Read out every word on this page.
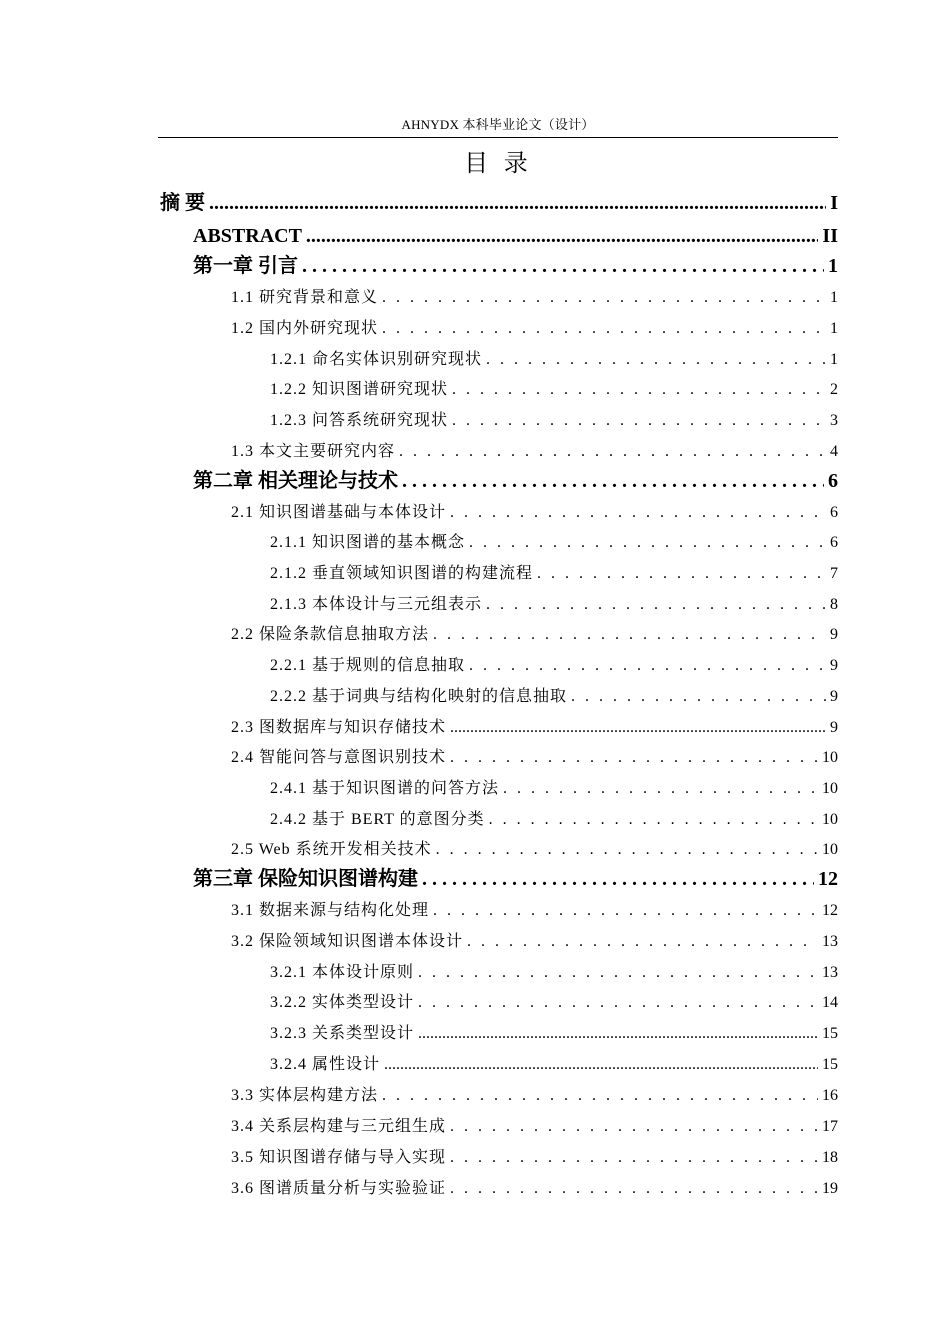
AHNYDX 本科毕业论文（设计）
目 录
摘 要 .....	I
ABSTRACT .....	II
第一章 引言 . . .	1
1.1 研究背景和意义 . . .	1
1.2 国内外研究现状 . . .	1
1.2.1 命名实体识别研究现状 . . .	1
1.2.2 知识图谱研究现状 . . .	2
1.2.3 问答系统研究现状 . . .	3
1.3 本文主要研究内容 . . .	4
第二章 相关理论与技术 . . .	6
2.1 知识图谱基础与本体设计 . . .	6
2.1.1 知识图谱的基本概念 . . .	6
2.1.2 垂直领域知识图谱的构建流程 . . .	7
2.1.3 本体设计与三元组表示 . . .	8
2.2 保险条款信息抽取方法 . . .	9
2.2.1 基于规则的信息抽取 . . .	9
2.2.2 基于词典与结构化映射的信息抽取 . . .	9
2.3 图数据库与知识存储技术 .....	9
2.4 智能问答与意图识别技术 . . .	10
2.4.1 基于知识图谱的问答方法 . . .	10
2.4.2 基于 BERT 的意图分类 . . .	10
2.5 Web 系统开发相关技术 . . .	10
第三章 保险知识图谱构建 . . .	12
3.1 数据来源与结构化处理 . . .	12
3.2 保险领域知识图谱本体设计 . . .	13
3.2.1 本体设计原则 . . .	13
3.2.2 实体类型设计 . . .	14
3.2.3 关系类型设计 .....	15
3.2.4 属性设计 .....	15
3.3 实体层构建方法 . . .	16
3.4 关系层构建与三元组生成 . . .	17
3.5 知识图谱存储与导入实现 . . .	18
3.6 图谱质量分析与实验验证 . . .	19
